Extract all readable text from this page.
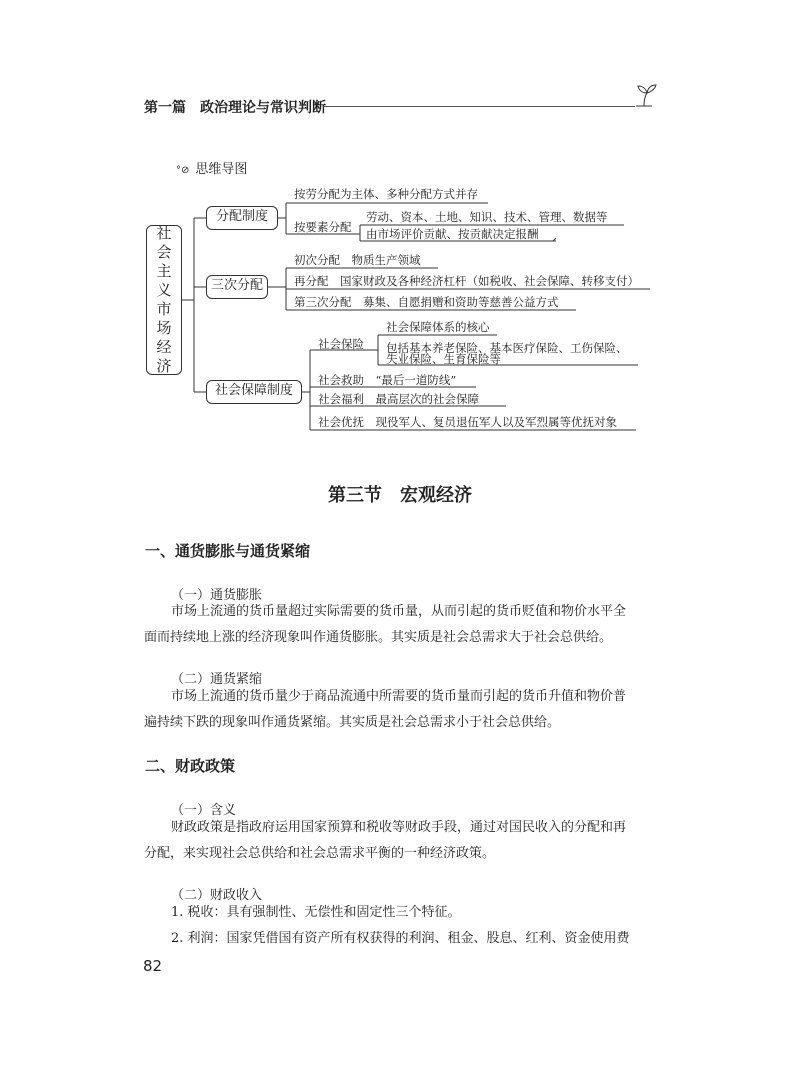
第一篇 政治理论与常识判断
°⊘ 思维导图
社会主义市场经济
分配制度
三次分配
社会保障制度
按劳分配为主体、多种分配方式并存
按要素分配
劳动、资本、土地、知识、技术、管理、数据等
由市场评价贡献、按贡献决定报酬
初次分配　物质生产领域
再分配　国家财政及各种经济杠杆（如税收、社会保障、转移支付）
第三次分配　募集、自愿捐赠和资助等慈善公益方式
社会保险
社会保障体系的核心
包括基本养老保险、基本医疗保险、工伤保险、
失业保险、生育保险等
社会救助　“最后一道防线”
社会福利　最高层次的社会保障
社会优抚　现役军人、复员退伍军人以及军烈属等优抚对象
第三节　宏观经济
一、通货膨胀与通货紧缩
（一）通货膨胀
市场上流通的货币量超过实际需要的货币量，从而引起的货币贬值和物价水平全
面而持续地上涨的经济现象叫作通货膨胀。其实质是社会总需求大于社会总供给。
（二）通货紧缩
市场上流通的货币量少于商品流通中所需要的货币量而引起的货币升值和物价普
遍持续下跌的现象叫作通货紧缩。其实质是社会总需求小于社会总供给。
二、财政政策
（一）含义
财政政策是指政府运用国家预算和税收等财政手段，通过对国民收入的分配和再
分配，来实现社会总供给和社会总需求平衡的一种经济政策。
（二）财政收入
1. 税收：具有强制性、无偿性和固定性三个特征。
2. 利润：国家凭借国有资产所有权获得的利润、租金、股息、红利、资金使用费
82
